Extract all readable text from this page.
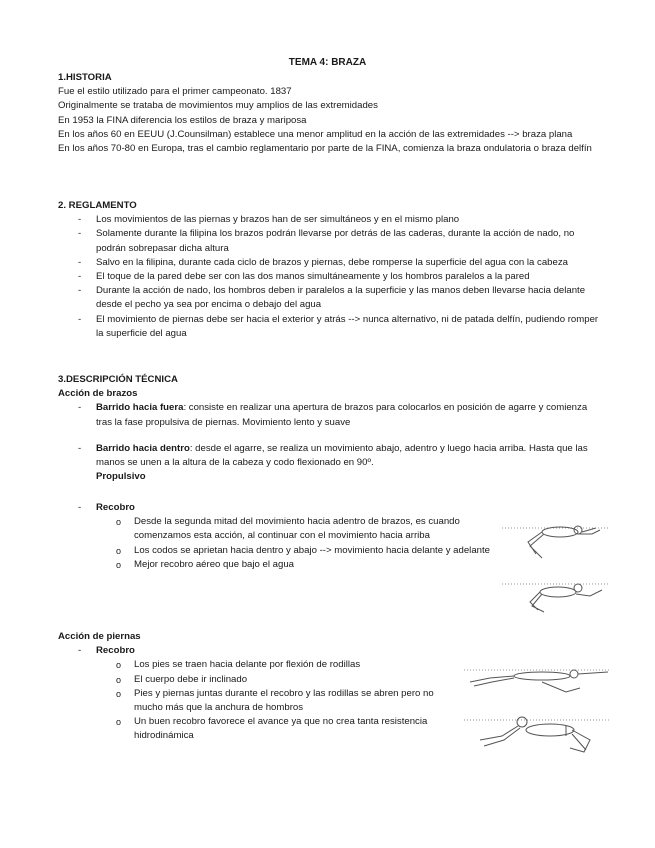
TEMA 4: BRAZA

1.HISTORIA

Fue el estilo utilizado para el primer campeonato. 1837

Originalmente se trataba de movimientos muy amplios de las extremidades

En 1953 la FINA diferencia los estilos de braza y mariposa

En los años 60 en EEUU (J.Counsilman) establece una menor amplitud en la acción de las extremidades --> braza plana

En los años 70-80 en Europa, tras el cambio reglamentario por parte de la FINA, comienza la braza ondulatoria o braza delfín

2. REGLAMENTO

- Los movimientos de las piernas y brazos han de ser simultáneos y en el mismo plano
- Solamente durante la filipina los brazos podrán llevarse por detrás de las caderas, durante la acción de nado, no podrán sobrepasar dicha altura
- Salvo en la filipina, durante cada ciclo de brazos y piernas, debe romperse la superficie del agua con la cabeza
- El toque de la pared debe ser con las dos manos simultáneamente y los hombros paralelos a la pared
- Durante la acción de nado, los hombros deben ir paralelos a la superficie y las manos deben llevarse hacia delante desde el pecho ya sea por encima o debajo del agua
- El movimiento de piernas debe ser hacia el exterior y atrás --> nunca alternativo, ni de patada delfín, pudiendo romper la superficie del agua

3.DESCRIPCIÓN TÉCNICA

Acción de brazos

- Barrido hacia fuera: consiste en realizar una apertura de brazos para colocarlos en posición de agarre y comienza tras la fase propulsiva de piernas. Movimiento lento y suave
- Barrido hacia dentro: desde el agarre, se realiza un movimiento abajo, adentro y luego hacia arriba. Hasta que las manos se unen a la altura de la cabeza y codo flexionado en 90º.
Propulsivo
- Recobro
o Desde la segunda mitad del movimiento hacia adentro de brazos, es cuando comenzamos esta acción, al continuar con el movimiento hacia arriba
o Los codos se aprietan hacia dentro y abajo --> movimiento hacia delante y adelante
o Mejor recobro aéreo que bajo el agua

Acción de piernas

- Recobro
o Los pies se traen hacia delante por flexión de rodillas
o El cuerpo debe ir inclinado
o Pies y piernas juntas durante el recobro y las rodillas se abren pero no mucho más que la anchura de hombros
o Un buen recobro favorece el avance ya que no crea tanta resistencia hidrodinámica
